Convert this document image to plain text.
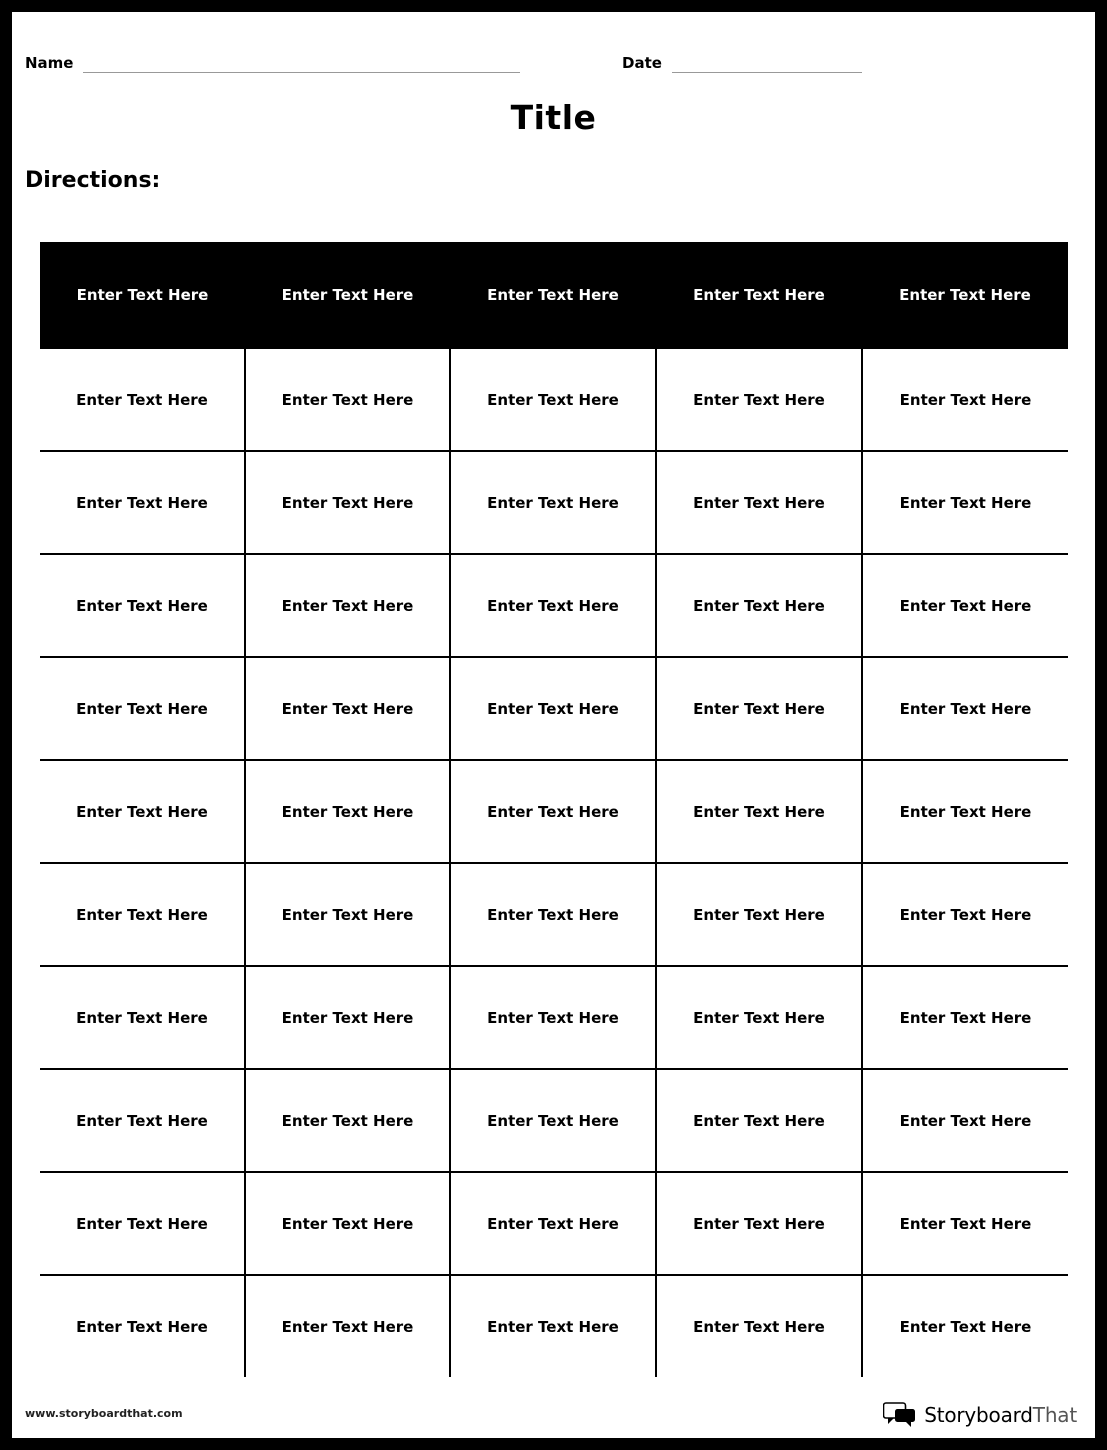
Name	Date
Title
Directions:
Enter Text Here	Enter Text Here	Enter Text Here	Enter Text Here	Enter Text Here
Enter Text Here	Enter Text Here	Enter Text Here	Enter Text Here	Enter Text Here
Enter Text Here	Enter Text Here	Enter Text Here	Enter Text Here	Enter Text Here
Enter Text Here	Enter Text Here	Enter Text Here	Enter Text Here	Enter Text Here
Enter Text Here	Enter Text Here	Enter Text Here	Enter Text Here	Enter Text Here
Enter Text Here	Enter Text Here	Enter Text Here	Enter Text Here	Enter Text Here
Enter Text Here	Enter Text Here	Enter Text Here	Enter Text Here	Enter Text Here
Enter Text Here	Enter Text Here	Enter Text Here	Enter Text Here	Enter Text Here
Enter Text Here	Enter Text Here	Enter Text Here	Enter Text Here	Enter Text Here
Enter Text Here	Enter Text Here	Enter Text Here	Enter Text Here	Enter Text Here
Enter Text Here	Enter Text Here	Enter Text Here	Enter Text Here	Enter Text Here
www.storyboardthat.com	StoryboardThat
